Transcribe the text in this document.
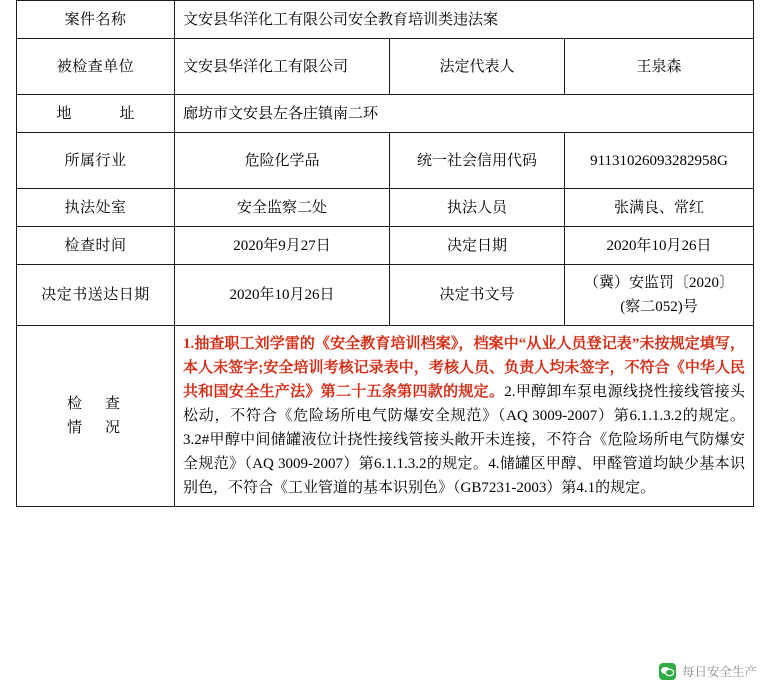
案件名称	文安县华洋化工有限公司安全教育培训类违法案		
被检查单位	文安县华洋化工有限公司	法定代表人	王泉森
地　　址	廊坊市文安县左各庄镇南二环		
所属行业	危险化学品	统一社会信用代码	91131026093282958G
执法处室	安全监察二处	执法人员	张满良、常红
检查时间	2020年9月27日	决定日期	2020年10月26日
决定书送达日期	2020年10月26日	决定书文号	（冀）安监罚〔2020〕
(察二052)号

检　查
情　况	1.抽查职工刘学雷的《安全教育培训档案》，档案中“从业人员登记表”未按规定填写，本人未签字;安全培训考核记录表中，考核人员、负责人均未签字，不符合《中华人民共和国安全生产法》第二十五条第四款的规定。2.甲醇卸车泵电源线挠性接线管接头松动，不符合《危险场所电气防爆安全规范》（AQ 3009-2007）第6.1.1.3.2的规定。3.2#甲醇中间储罐液位计挠性接线管接头敞开未连接，不符合《危险场所电气防爆安全规范》（AQ 3009-2007）第6.1.1.3.2的规定。4.储罐区甲醇、甲醛管道均缺少基本识别色，不符合《工业管道的基本识别色》（GB7231-2003）第4.1的规定。		
每日安全生产
